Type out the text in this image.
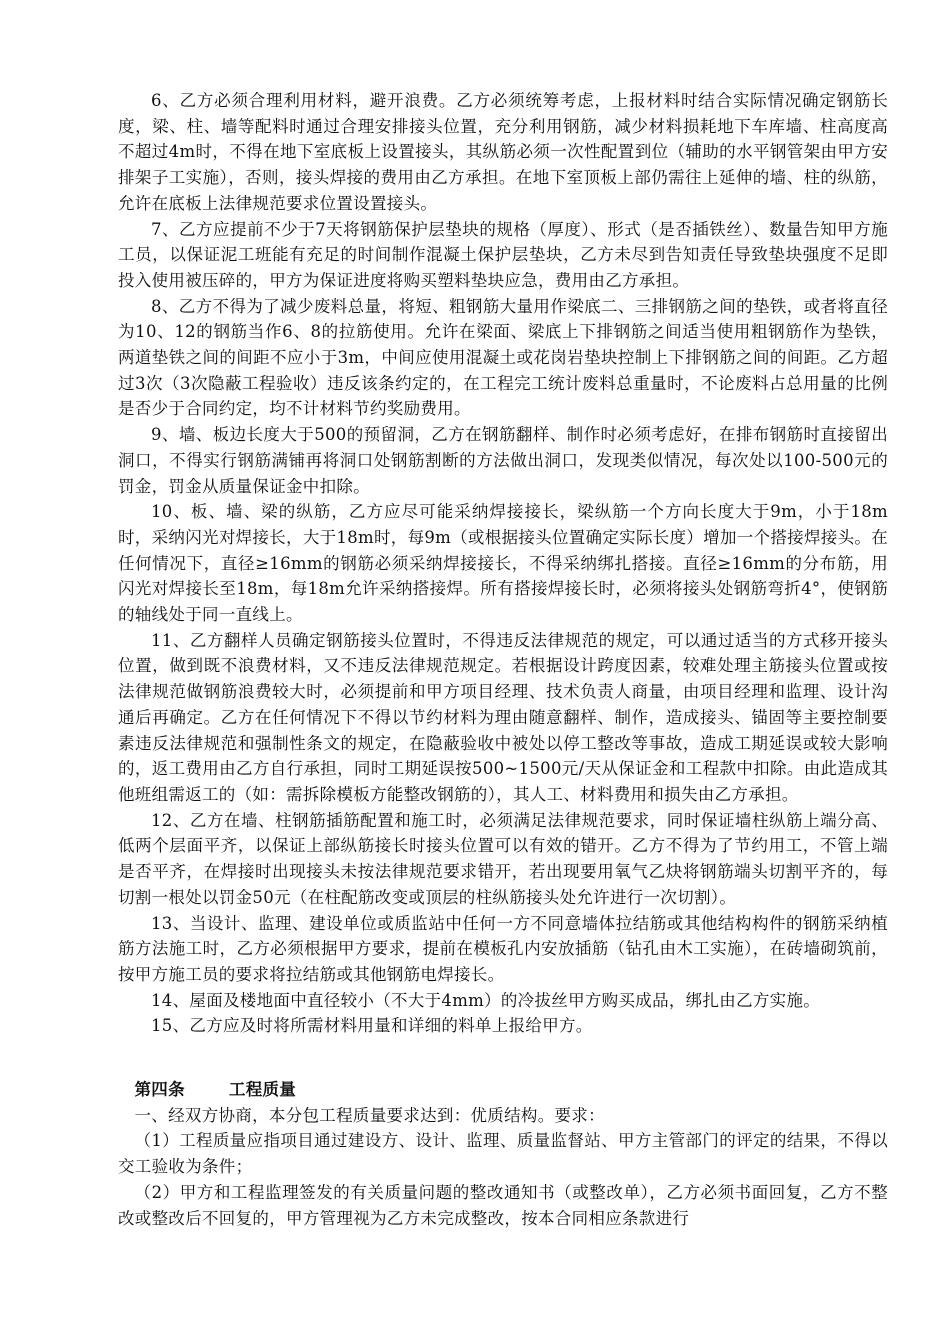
6、乙方必须合理利用材料，避开浪费。乙方必须统筹考虑，上报材料时结合实际情况确定钢筋长度，梁、柱、墙等配料时通过合理安排接头位置，充分利用钢筋，减少材料损耗地下车库墙、柱高度高不超过4m时，不得在地下室底板上设置接头，其纵筋必须一次性配置到位（辅助的水平钢管架由甲方安排架子工实施），否则，接头焊接的费用由乙方承担。在地下室顶板上部仍需往上延伸的墙、柱的纵筋，允许在底板上法律规范要求位置设置接头。

7、乙方应提前不少于7天将钢筋保护层垫块的规格（厚度）、形式（是否插铁丝）、数量告知甲方施工员，以保证泥工班能有充足的时间制作混凝土保护层垫块，乙方未尽到告知责任导致垫块强度不足即投入使用被压碎的，甲方为保证进度将购买塑料垫块应急，费用由乙方承担。

8、乙方不得为了减少废料总量，将短、粗钢筋大量用作梁底二、三排钢筋之间的垫铁，或者将直径为10、12的钢筋当作6、8的拉筋使用。允许在梁面、梁底上下排钢筋之间适当使用粗钢筋作为垫铁，两道垫铁之间的间距不应小于3m，中间应使用混凝土或花岗岩垫块控制上下排钢筋之间的间距。乙方超过3次（3次隐蔽工程验收）违反该条约定的，在工程完工统计废料总重量时，不论废料占总用量的比例是否少于合同约定，均不计材料节约奖励费用。

9、墙、板边长度大于500的预留洞，乙方在钢筋翻样、制作时必须考虑好，在排布钢筋时直接留出洞口，不得实行钢筋满铺再将洞口处钢筋割断的方法做出洞口，发现类似情况，每次处以100-500元的罚金，罚金从质量保证金中扣除。

10、板、墙、梁的纵筋，乙方应尽可能采纳焊接接长，梁纵筋一个方向长度大于9m，小于18m时，采纳闪光对焊接长，大于18m时，每9m（或根据接头位置确定实际长度）增加一个搭接焊接头。在任何情况下，直径≥16mm的钢筋必须采纳焊接接长，不得采纳绑扎搭接。直径≥16mm的分布筋，用闪光对焊接长至18m，每18m允许采纳搭接焊。所有搭接焊接长时，必须将接头处钢筋弯折4°，使钢筋的轴线处于同一直线上。

11、乙方翻样人员确定钢筋接头位置时，不得违反法律规范的规定，可以通过适当的方式移开接头位置，做到既不浪费材料，又不违反法律规范规定。若根据设计跨度因素，较难处理主筋接头位置或按法律规范做钢筋浪费较大时，必须提前和甲方项目经理、技术负责人商量，由项目经理和监理、设计沟通后再确定。乙方在任何情况下不得以节约材料为理由随意翻样、制作，造成接头、锚固等主要控制要素违反法律规范和强制性条文的规定，在隐蔽验收中被处以停工整改等事故，造成工期延误或较大影响的，返工费用由乙方自行承担，同时工期延误按500~1500元/天从保证金和工程款中扣除。由此造成其他班组需返工的（如：需拆除模板方能整改钢筋的），其人工、材料费用和损失由乙方承担。

12、乙方在墙、柱钢筋插筋配置和施工时，必须满足法律规范要求，同时保证墙柱纵筋上端分高、低两个层面平齐，以保证上部纵筋接长时接头位置可以有效的错开。乙方不得为了节约用工，不管上端是否平齐，在焊接时出现接头未按法律规范要求错开，若出现要用氧气乙炔将钢筋端头切割平齐的，每切割一根处以罚金50元（在柱配筋改变或顶层的柱纵筋接头处允许进行一次切割）。

13、当设计、监理、建设单位或质监站中任何一方不同意墙体拉结筋或其他结构构件的钢筋采纳植筋方法施工时，乙方必须根据甲方要求，提前在模板孔内安放插筋（钻孔由木工实施），在砖墙砌筑前，按甲方施工员的要求将拉结筋或其他钢筋电焊接长。

14、屋面及楼地面中直径较小（不大于4mm）的冷拔丝甲方购买成品，绑扎由乙方实施。

15、乙方应及时将所需材料用量和详细的料单上报给甲方。

第四条	工程质量

一、经双方协商，本分包工程质量要求达到：优质结构。要求：

（1）工程质量应指项目通过建设方、设计、监理、质量监督站、甲方主管部门的评定的结果，不得以交工验收为条件；

（2）甲方和工程监理签发的有关质量问题的整改通知书（或整改单），乙方必须书面回复，乙方不整改或整改后不回复的，甲方管理视为乙方未完成整改，按本合同相应条款进行
